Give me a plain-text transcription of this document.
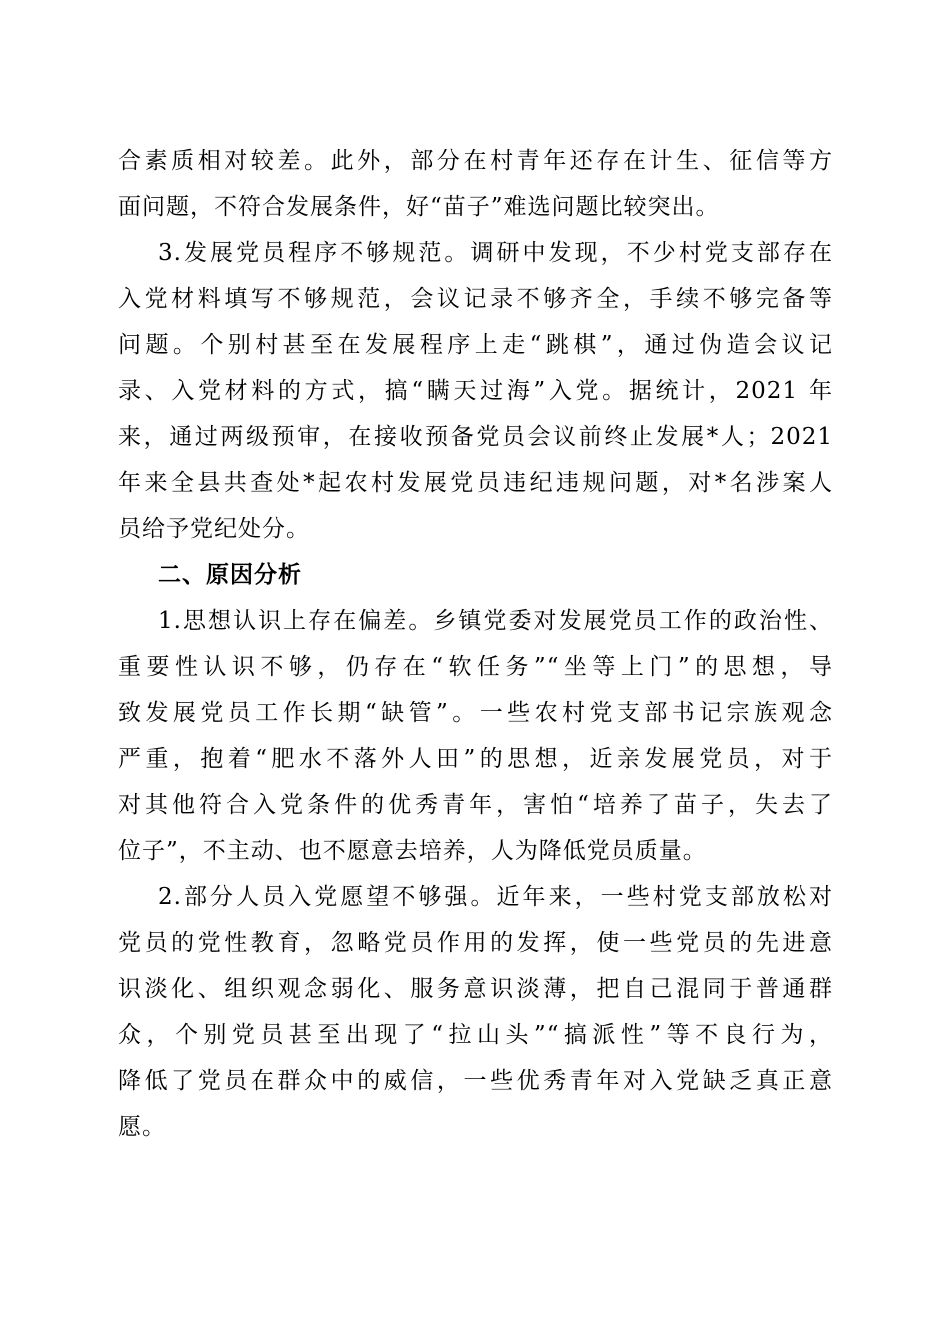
合素质相对较差。此外，部分在村青年还存在计生、征信等方
面问题，不符合发展条件，好“苗子”难选问题比较突出。
3.发展党员程序不够规范。调研中发现，不少村党支部存在
入党材料填写不够规范，会议记录不够齐全，手续不够完备等
问题。个别村甚至在发展程序上走“跳棋”，通过伪造会议记
录、入党材料的方式，搞“瞒天过海”入党。据统计，2021 年
来，通过两级预审，在接收预备党员会议前终止发展*人；2021
年来全县共查处*起农村发展党员违纪违规问题，对*名涉案人
员给予党纪处分。
二、原因分析
1.思想认识上存在偏差。乡镇党委对发展党员工作的政治性、
重要性认识不够，仍存在“软任务”“坐等上门”的思想，导
致发展党员工作长期“缺管”。一些农村党支部书记宗族观念
严重，抱着“肥水不落外人田”的思想，近亲发展党员，对于
对其他符合入党条件的优秀青年，害怕“培养了苗子，失去了
位子”，不主动、也不愿意去培养，人为降低党员质量。
2.部分人员入党愿望不够强。近年来，一些村党支部放松对
党员的党性教育，忽略党员作用的发挥，使一些党员的先进意
识淡化、组织观念弱化、服务意识淡薄，把自己混同于普通群
众，个别党员甚至出现了“拉山头”“搞派性”等不良行为，
降低了党员在群众中的威信，一些优秀青年对入党缺乏真正意
愿。
